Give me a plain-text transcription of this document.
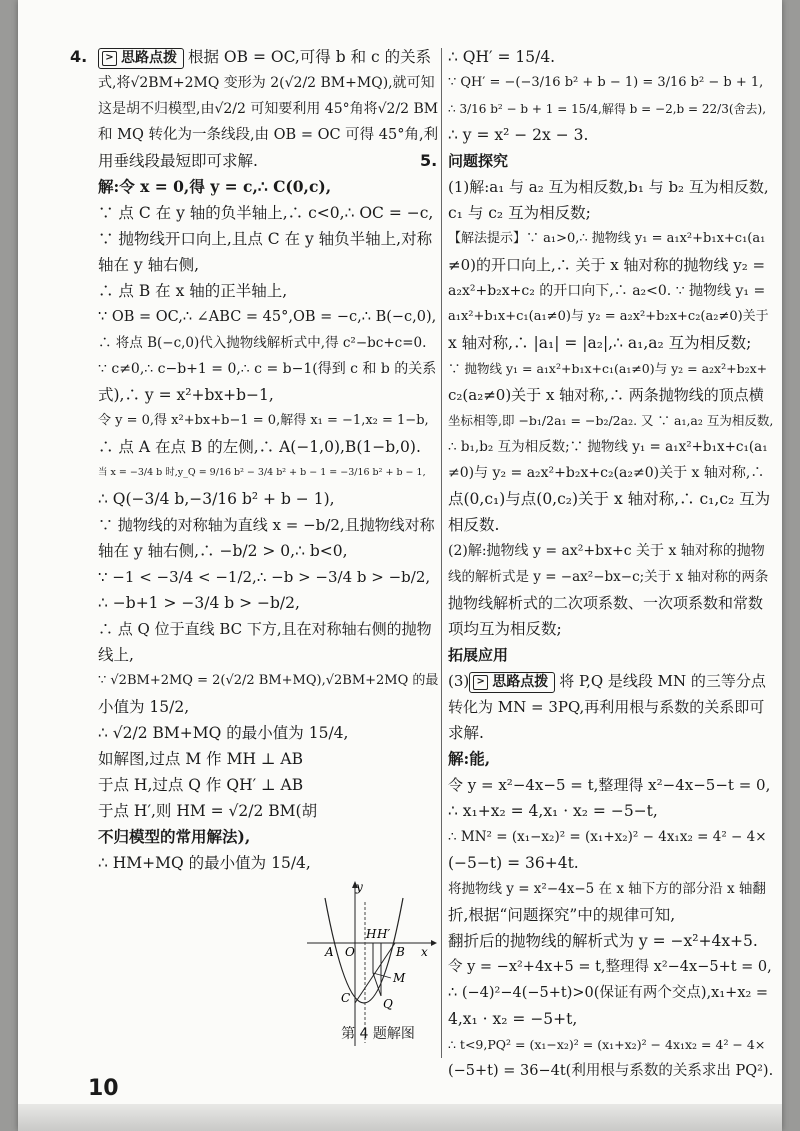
4.	> 思路点拨 根据 OB = OC,可得 b 和 c 的关系
式,将√2BM+2MQ 变形为 2(√2/2 BM+MQ),就可知
这是胡不归模型,由√2/2 可知要利用 45°角将√2/2 BM
和 MQ 转化为一条线段,由 OB = OC 可得 45°角,利
用垂线段最短即可求解.
解:令 x = 0,得 y = c,∴ C(0,c),
∵ 点 C 在 y 轴的负半轴上,∴ c<0,∴ OC = −c,
∵ 抛物线开口向上,且点 C 在 y 轴负半轴上,对称
轴在 y 轴右侧,
∴ 点 B 在 x 轴的正半轴上,
∵ OB = OC,∴ ∠ABC = 45°,OB = −c,∴ B(−c,0),
∴ 将点 B(−c,0)代入抛物线解析式中,得 c²−bc+c=0.
∵ c≠0,∴ c−b+1 = 0,∴ c = b−1(得到 c 和 b 的关系
式),∴ y = x²+bx+b−1,
令 y = 0,得 x²+bx+b−1 = 0,解得 x₁ = −1,x₂ = 1−b,
∴ 点 A 在点 B 的左侧,∴ A(−1,0),B(1−b,0).
当 x = −3/4 b 时,y_Q = 9/16 b² − 3/4 b² + b − 1 = −3/16 b² + b − 1,
∴ Q(−3/4 b,−3/16 b² + b − 1),
∵ 抛物线的对称轴为直线 x = −b/2,且抛物线对称
轴在 y 轴右侧,∴ −b/2 > 0,∴ b<0,
∵ −1 < −3/4 < −1/2,∴ −b > −3/4 b > −b/2,
∴ −b+1 > −3/4 b > −b/2,
∴ 点 Q 位于直线 BC 下方,且在对称轴右侧的抛物
线上,
∵ √2BM+2MQ = 2(√2/2 BM+MQ),√2BM+2MQ 的最
小值为 15/2,
∴ √2/2 BM+MQ 的最小值为 15/4,
如解图,过点 M 作 MH ⊥ AB
于点 H,过点 Q 作 QH′ ⊥ AB
于点 H′,则 HM = √2/2 BM(胡
不归模型的常用解法),
∴ HM+MQ 的最小值为 15/4,
y
x
O
A
H H′
B
M
C	Q
第 4 题解图
∴ QH′ = 15/4.
∵ QH′ = −(−3/16 b² + b − 1) = 3/16 b² − b + 1,
∴ 3/16 b² − b + 1 = 15/4,解得 b = −2,b = 22/3(舍去),
∴ y = x² − 2x − 3.
5. 问题探究
(1)解:a₁ 与 a₂ 互为相反数,b₁ 与 b₂ 互为相反数,
c₁ 与 c₂ 互为相反数;
【解法提示】∵ a₁>0,∴ 抛物线 y₁ = a₁x²+b₁x+c₁(a₁
≠0)的开口向上,∴ 关于 x 轴对称的抛物线 y₂ =
a₂x²+b₂x+c₂ 的开口向下,∴ a₂<0. ∵ 抛物线 y₁ =
a₁x²+b₁x+c₁(a₁≠0)与 y₂ = a₂x²+b₂x+c₂(a₂≠0)关于
x 轴对称,∴ |a₁| = |a₂|,∴ a₁,a₂ 互为相反数;
∵ 抛物线 y₁ = a₁x²+b₁x+c₁(a₁≠0)与 y₂ = a₂x²+b₂x+
c₂(a₂≠0)关于 x 轴对称,∴ 两条抛物线的顶点横
坐标相等,即 −b₁/2a₁ = −b₂/2a₂. 又 ∵ a₁,a₂ 互为相反数,
∴ b₁,b₂ 互为相反数;∵ 抛物线 y₁ = a₁x²+b₁x+c₁(a₁
≠0)与 y₂ = a₂x²+b₂x+c₂(a₂≠0)关于 x 轴对称,∴
点(0,c₁)与点(0,c₂)关于 x 轴对称,∴ c₁,c₂ 互为
相反数.
(2)解:抛物线 y = ax²+bx+c 关于 x 轴对称的抛物
线的解析式是 y = −ax²−bx−c;关于 x 轴对称的两条
抛物线解析式的二次项系数、一次项系数和常数
项均互为相反数;
拓展应用
(3) > 思路点拨 将 P,Q 是线段 MN 的三等分点
转化为 MN = 3PQ,再利用根与系数的关系即可
求解.
解:能,
令 y = x²−4x−5 = t,整理得 x²−4x−5−t = 0,
∴ x₁+x₂ = 4,x₁ · x₂ = −5−t,
∴ MN² = (x₁−x₂)² = (x₁+x₂)² − 4x₁x₂ = 4² − 4×
(−5−t) = 36+4t.
将抛物线 y = x²−4x−5 在 x 轴下方的部分沿 x 轴翻
折,根据“问题探究”中的规律可知,
翻折后的抛物线的解析式为 y = −x²+4x+5.
令 y = −x²+4x+5 = t,整理得 x²−4x−5+t = 0,
∴ (−4)²−4(−5+t)>0(保证有两个交点),x₁+x₂ =
4,x₁ · x₂ = −5+t,
∴ t<9,PQ² = (x₁−x₂)² = (x₁+x₂)² − 4x₁x₂ = 4² − 4×
(−5+t) = 36−4t(利用根与系数的关系求出 PQ²).
10
